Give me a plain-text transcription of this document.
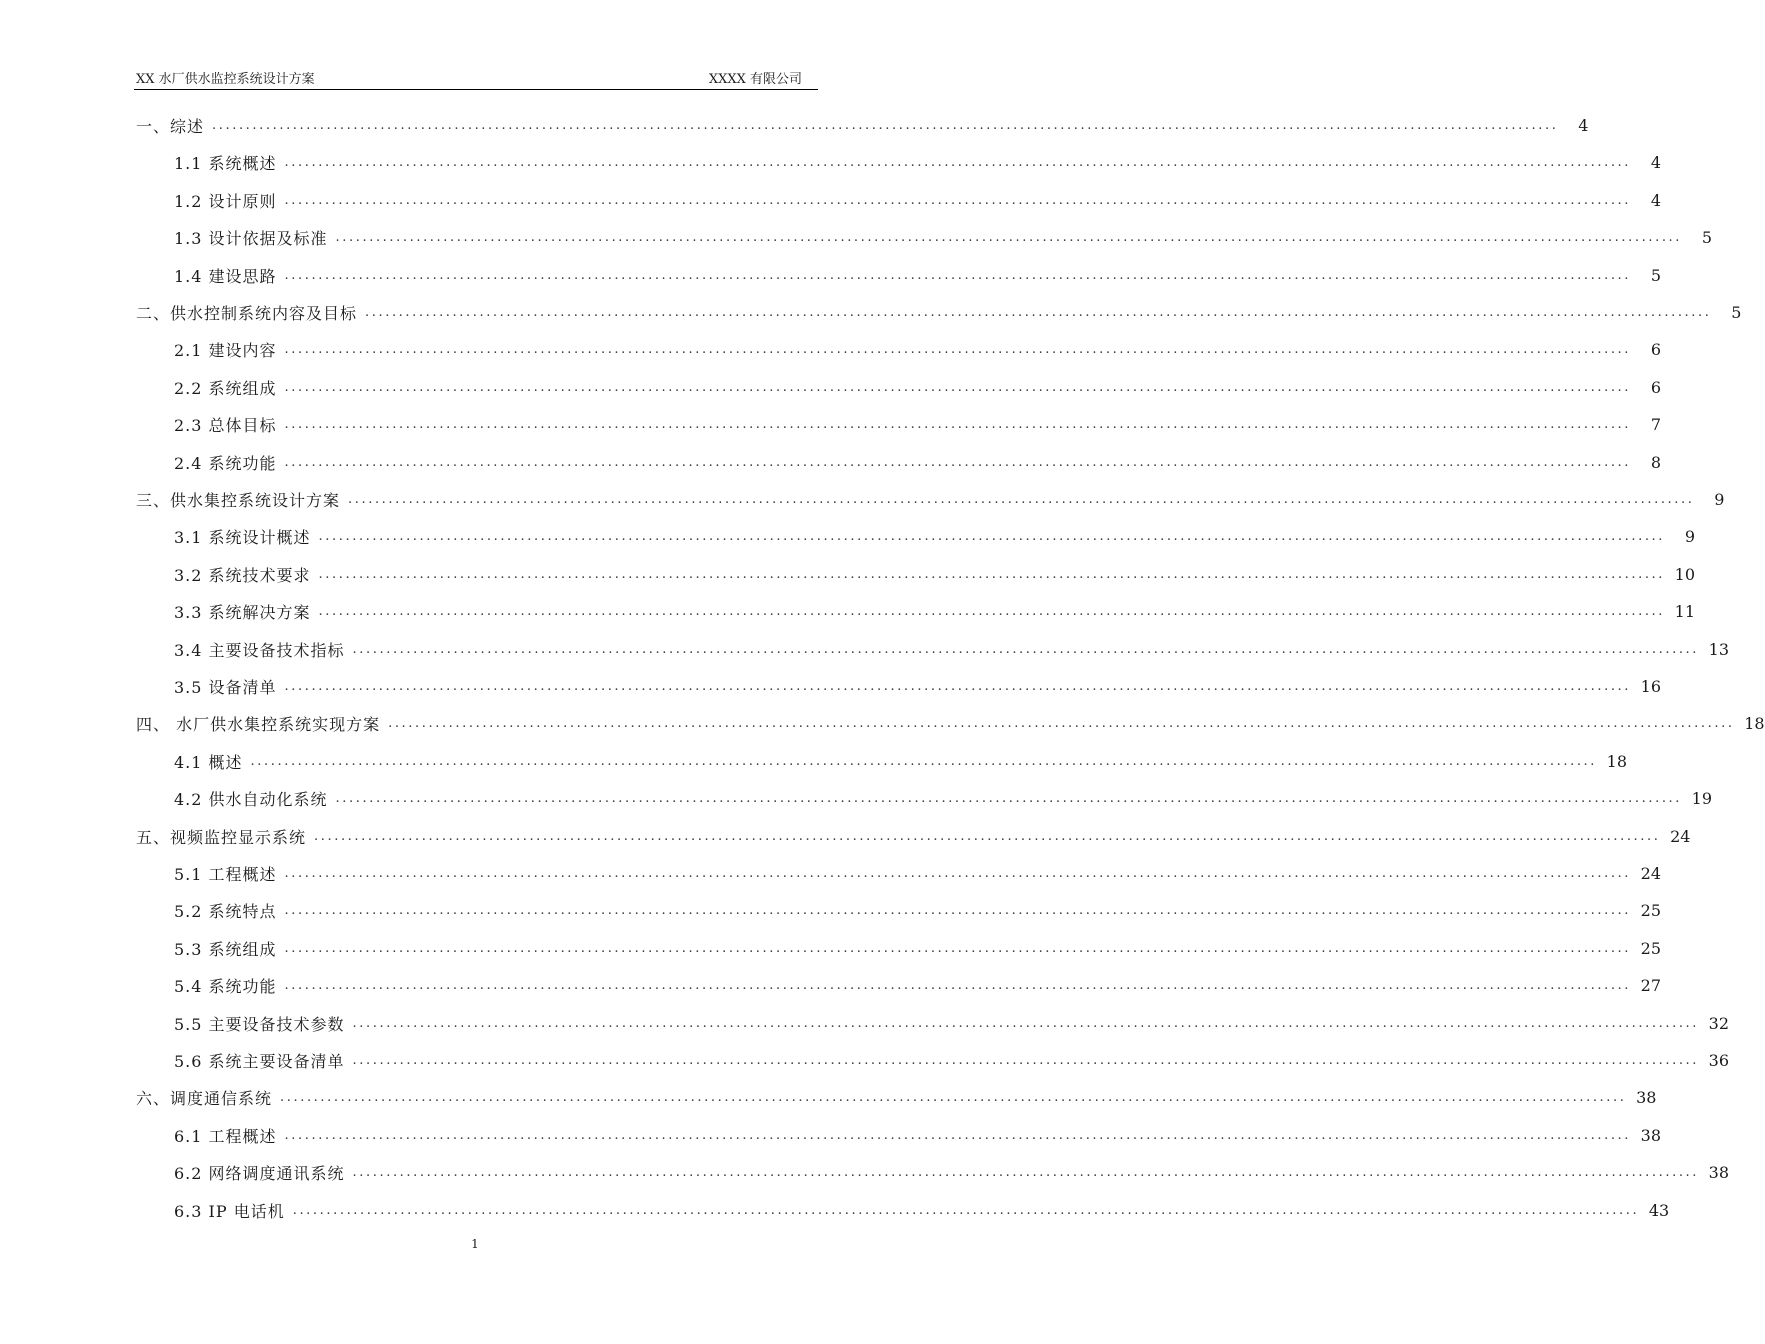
XX 水厂供水监控系统设计方案	XXXX 有限公司
一、综述 ........................................................................................................................................................................................................	4
1.1 系统概述 ........................................................................................................................................................................................................	4
1.2 设计原则 ........................................................................................................................................................................................................	4
1.3 设计依据及标准 ........................................................................................................................................................................................................	5
1.4 建设思路 ........................................................................................................................................................................................................	5
二、供水控制系统内容及目标 ........................................................................................................................................................................................................	5
2.1 建设内容 ........................................................................................................................................................................................................	6
2.2 系统组成 ........................................................................................................................................................................................................	6
2.3 总体目标 ........................................................................................................................................................................................................	7
2.4 系统功能 ........................................................................................................................................................................................................	8
三、供水集控系统设计方案 ........................................................................................................................................................................................................	9
3.1 系统设计概述 ........................................................................................................................................................................................................	9
3.2 系统技术要求 ........................................................................................................................................................................................................ 10
3.3 系统解决方案 ........................................................................................................................................................................................................ 11
3.4 主要设备技术指标 ........................................................................................................................................................................................................ 13
3.5 设备清单 ........................................................................................................................................................................................................ 16
四、 水厂供水集控系统实现方案 ........................................................................................................................................................................................................ 18
4.1 概述 ........................................................................................................................................................................................................ 18
4.2 供水自动化系统 ........................................................................................................................................................................................................ 19
五、视频监控显示系统 ........................................................................................................................................................................................................ 24
5.1 工程概述 ........................................................................................................................................................................................................ 24
5.2 系统特点 ........................................................................................................................................................................................................ 25
5.3 系统组成 ........................................................................................................................................................................................................ 25
5.4 系统功能 ........................................................................................................................................................................................................ 27
5.5 主要设备技术参数 ........................................................................................................................................................................................................ 32
5.6 系统主要设备清单 ........................................................................................................................................................................................................ 36
六、调度通信系统 ........................................................................................................................................................................................................ 38
6.1 工程概述 ........................................................................................................................................................................................................ 38
6.2 网络调度通讯系统 ........................................................................................................................................................................................................ 38
6.3 IP 电话机 ........................................................................................................................................................................................................ 43
1
